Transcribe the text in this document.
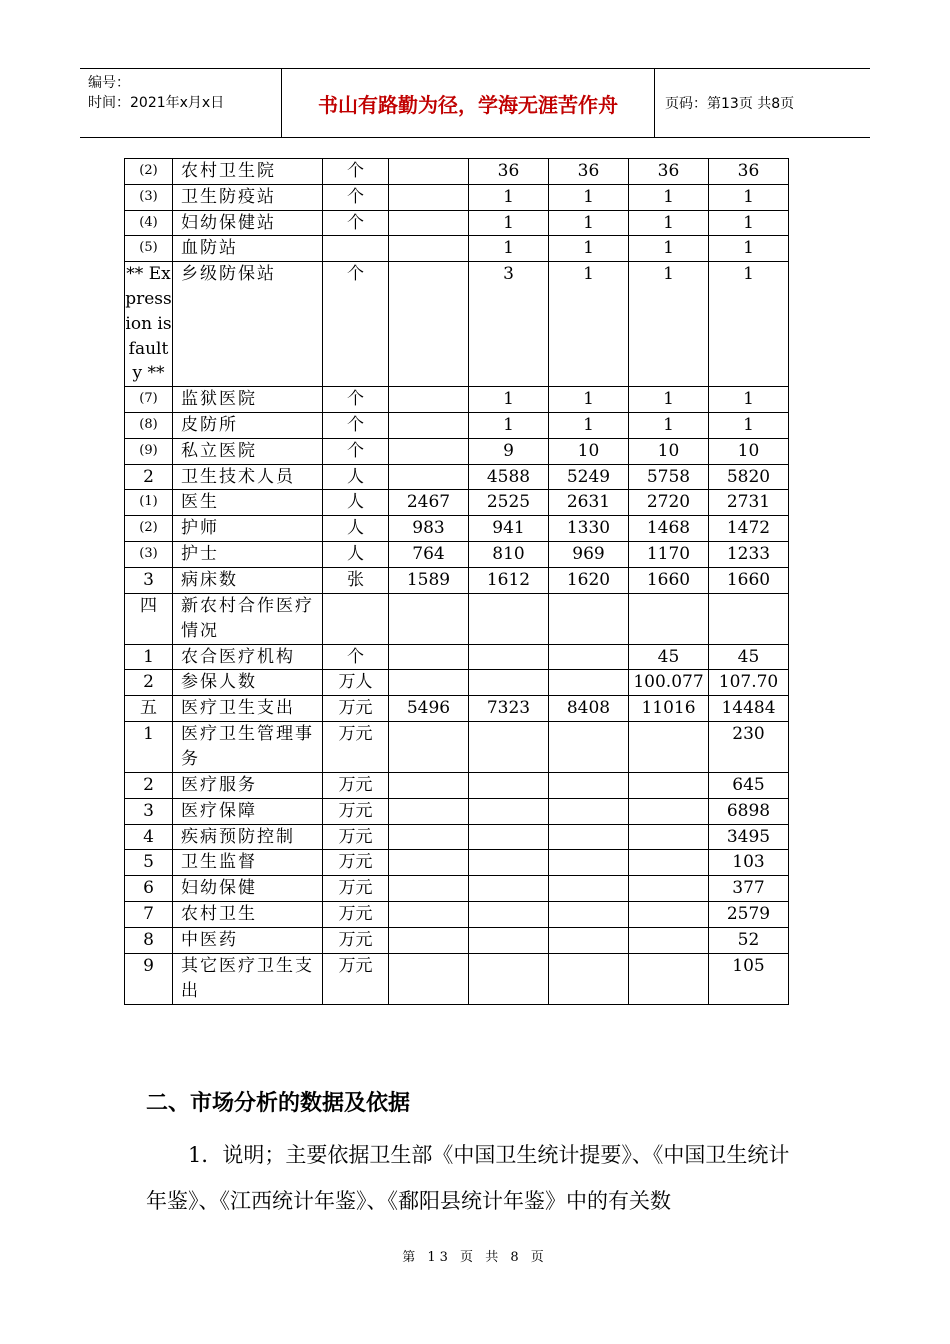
编号：
时间：2021年x月x日	书山有路勤为径，学海无涯苦作舟	页码：第13页 共8页
(2)	农村卫生院	个		36	36	36	36
(3)	卫生防疫站	个		1	1	1	1
(4)	妇幼保健站	个		1	1	1	1
(5)	血防站			1	1	1	1
** Expression is faulty **	乡级防保站	个		3	1	1	1
(7)	监狱医院	个		1	1	1	1
(8)	皮防所	个		1	1	1	1
(9)	私立医院	个		9	10	10	10
2	卫生技术人员	人		4588	5249	5758	5820
(1)	医生	人	2467	2525	2631	2720	2731
(2)	护师	人	983	941	1330	1468	1472
(3)	护士	人	764	810	969	1170	1233
3	病床数	张	1589	1612	1620	1660	1660
四	新农村合作医疗情况						
1	农合医疗机构	个				45	45
2	参保人数	万人				100.077	107.70
五	医疗卫生支出	万元	5496	7323	8408	11016	14484
1	医疗卫生管理事务	万元					230
2	医疗服务	万元					645
3	医疗保障	万元					6898
4	疾病预防控制	万元					3495
5	卫生监督	万元					103
6	妇幼保健	万元					377
7	农村卫生	万元					2579
8	中医药	万元					52
9	其它医疗卫生支出	万元					105
二、市场分析的数据及依据
1．说明；主要依据卫生部《中国卫生统计提要》、《中国卫生统计年鉴》、《江西统计年鉴》、《鄱阳县统计年鉴》中的有关数
第 13 页 共 8 页
